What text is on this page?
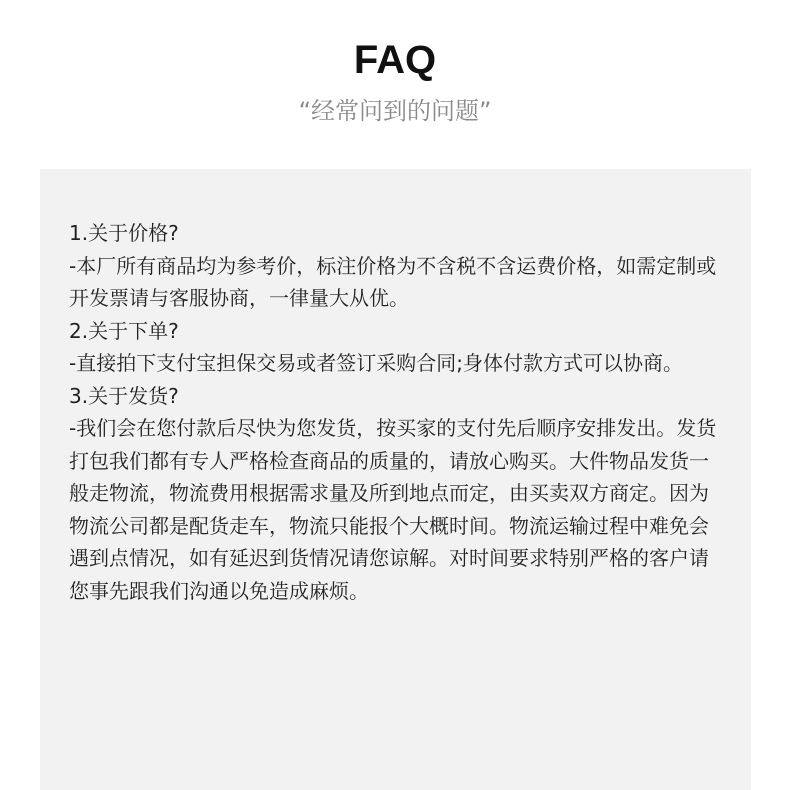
FAQ

“经常问到的问题”

1.关于价格?

-本厂所有商品均为参考价，标注价格为不含税不含运费价格，如需定制或开发票请与客服协商，一律量大从优。

2.关于下单?

-直接拍下支付宝担保交易或者签订采购合同;身体付款方式可以协商。

3.关于发货?

-我们会在您付款后尽快为您发货，按买家的支付先后顺序安排发出。发货打包我们都有专人严格检查商品的质量的，请放心购买。大件物品发货一般走物流，物流费用根据需求量及所到地点而定，由买卖双方商定。因为物流公司都是配货走车，物流只能报个大概时间。物流运输过程中难免会遇到点情况，如有延迟到货情况请您谅解。对时间要求特别严格的客户请您事先跟我们沟通以免造成麻烦。
